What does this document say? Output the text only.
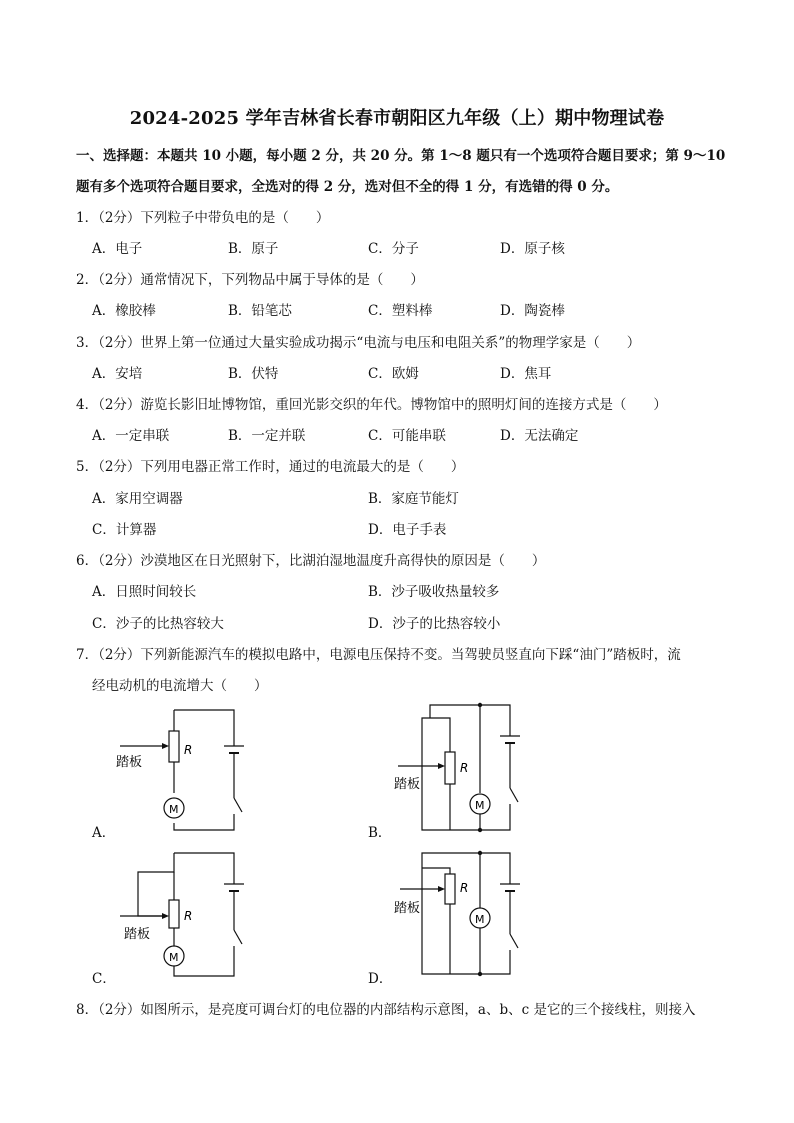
2024-2025 学年吉林省长春市朝阳区九年级（上）期中物理试卷
一、选择题：本题共 10 小题，每小题 2 分，共 20 分。第 1～8 题只有一个选项符合题目要求；第 9～10
题有多个选项符合题目要求，全选对的得 2 分，选对但不全的得 1 分，有选错的得 0 分。
1．（2分）下列粒子中带负电的是（　　）
A．电子	B．原子	C．分子	D．原子核
2．（2分）通常情况下，下列物品中属于导体的是（　　）
A．橡胶棒	B．铅笔芯	C．塑料棒	D．陶瓷棒
3．（2分）世界上第一位通过大量实验成功揭示“电流与电压和电阻关系”的物理学家是（　　）
A．安培	B．伏特	C．欧姆	D．焦耳
4．（2分）游览长影旧址博物馆，重回光影交织的年代。博物馆中的照明灯间的连接方式是（　　）
A．一定串联	B．一定并联	C．可能串联	D．无法确定
5．（2分）下列用电器正常工作时，通过的电流最大的是（　　）
A．家用空调器	B．家庭节能灯
C．计算器	D．电子手表
6．（2分）沙漠地区在日光照射下，比湖泊湿地温度升高得快的原因是（　　）
A．日照时间较长	B．沙子吸收热量较多
C．沙子的比热容较大	D．沙子的比热容较小
7．（2分）下列新能源汽车的模拟电路中，电源电压保持不变。当驾驶员竖直向下踩“油门”踏板时，流
经电动机的电流增大（　　）
A．	B．
C．	D．
R
踏板
M
R
踏板
M
R
踏板
M
R
踏板
M
8．（2分）如图所示，是亮度可调台灯的电位器的内部结构示意图，a、b、c 是它的三个接线柱，则接入
